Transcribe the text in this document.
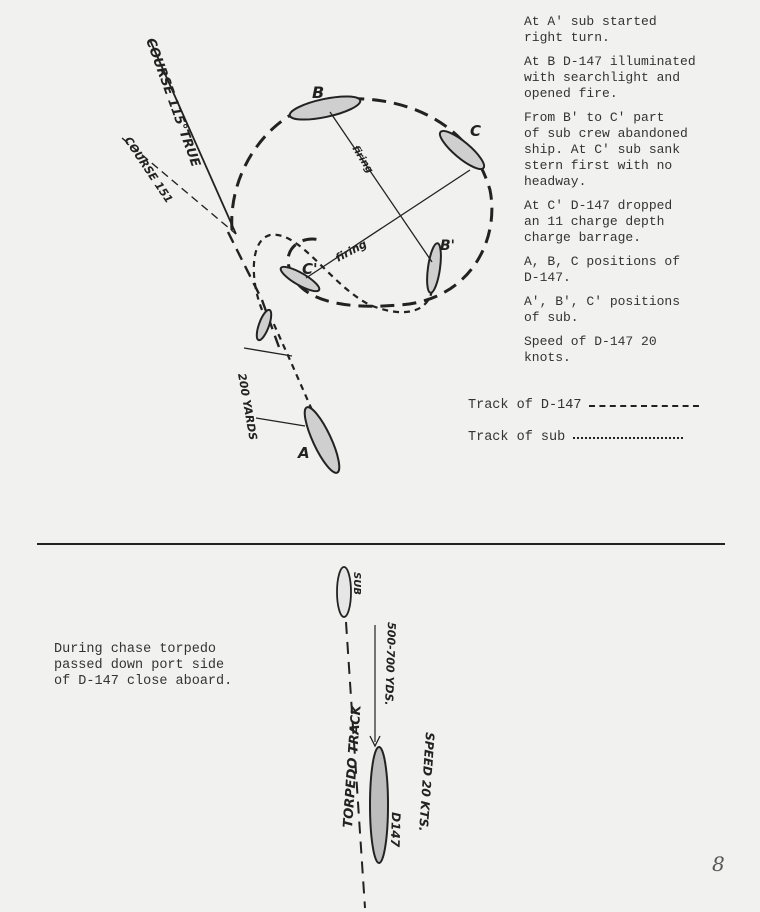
COURSE 115°TRUE
COURSE 151
B
C
B'
C'
A
firing
firing
200 YARDS
SUB
TORPEDO TRACK
500-700 YDS.
D147 SPEED 20 KTS.

At A' sub started
right turn.

At B D-147 illuminated
with searchlight and
opened fire.

From B' to C' part
of sub crew abandoned
ship. At C' sub sank
stern first with no
headway.

At C' D-147 dropped
an 11 charge depth
charge barrage.

A, B, C positions of
D-147.

A', B', C' positions
of sub.

Speed of D-147 20
knots.

Track of D-147
Track of sub
During chase torpedo
passed down port side
of D-147 close aboard.
8
